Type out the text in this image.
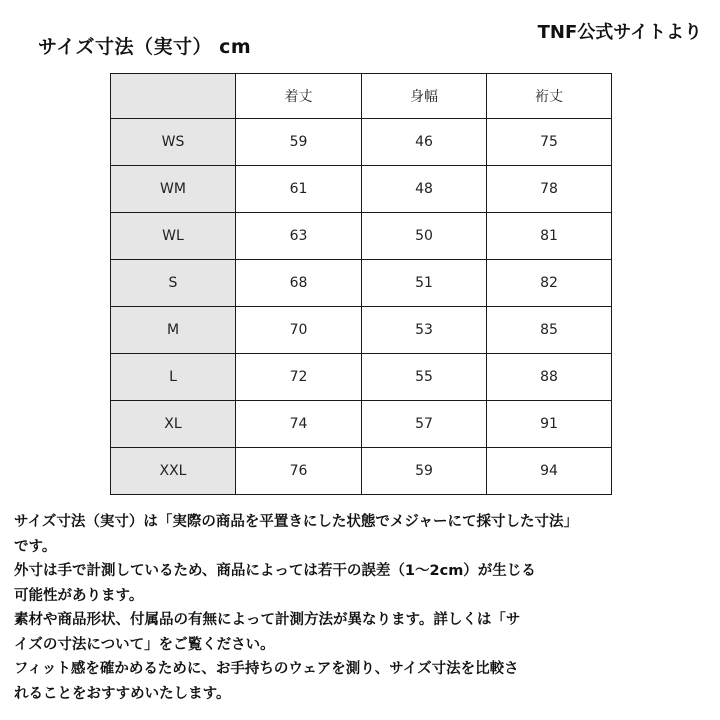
サイズ寸法（実寸） cm
TNF公式サイトより
	着丈	身幅	裄丈
WS	59	46	75
WM	61	48	78
WL	63	50	81
S	68	51	82
M	70	53	85
L	72	55	88
XL	74	57	91
XXL	76	59	94

サイズ寸法（実寸）は「実際の商品を平置きにした状態でメジャーにて採寸した寸法」

です。

外寸は手で計測しているため、商品によっては若干の誤差（1～2cm）が生じる

可能性があります。

素材や商品形状、付属品の有無によって計測方法が異なります。詳しくは「サ

イズの寸法について」をご覧ください。

フィット感を確かめるために、お手持ちのウェアを測り、サイズ寸法を比較さ

れることをおすすめいたします。
